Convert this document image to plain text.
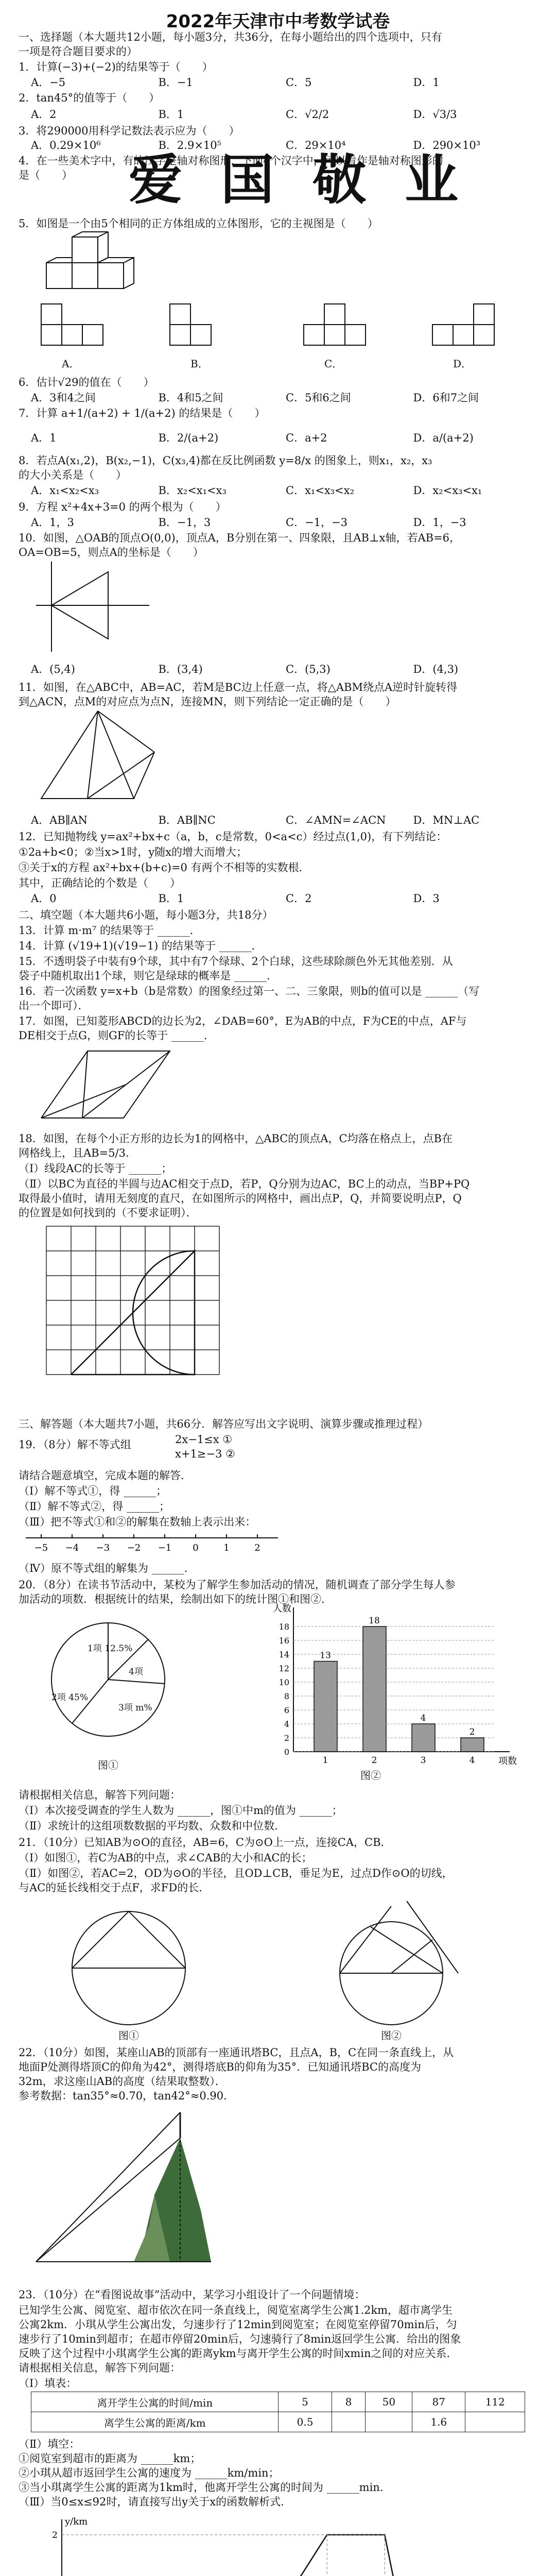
2022年天津市中考数学试卷
一、选择题（本大题共12小题，每小题3分，共36分，在每小题给出的四个选项中，只有
一项是符合题目要求的）
1．计算(−3)+(−2)的结果等于（　　）
2．tan45°的值等于（　　）
3．将290000用科学记数法表示应为（　　）
4．在一些美术字中，有的汉字是轴对称图形．下面4个汉字中，可以看作是轴对称图形的
是（　　）
5．如图是一个由5个相同的正方体组成的立体图形，它的主视图是（　　）
6．估计√29的值在（　　）
7．计算 a+1/(a+2) + 1/(a+2) 的结果是（　　）
8．若点A(x₁,2)，B(x₂,−1)，C(x₃,4)都在反比例函数 y=8/x 的图象上，则x₁，x₂，x₃
的大小关系是（　　）
9．方程 x²+4x+3=0 的两个根为（　　）
10．如图，△OAB的顶点O(0,0)，顶点A，B分别在第一、四象限，且AB⊥x轴，若AB=6，
OA=OB=5，则点A的坐标是（　　）
11．如图，在△ABC中，AB=AC，若M是BC边上任意一点，将△ABM绕点A逆时针旋转得
到△ACN，点M的对应点为点N，连接MN，则下列结论一定正确的是（　　）
12．已知抛物线 y=ax²+bx+c（a，b，c是常数，0<a<c）经过点(1,0)，有下列结论：
①2a+b<0；②当x>1时，y随x的增大而增大；
③关于x的方程 ax²+bx+(b+c)=0 有两个不相等的实数根．
其中，正确结论的个数是（　　）
二、填空题（本大题共6小题，每小题3分，共18分）
13．计算 m·m⁷ 的结果等于 ______．
14．计算 (√19+1)(√19−1) 的结果等于 ______．
15．不透明袋子中装有9个球，其中有7个绿球、2个白球，这些球除颜色外无其他差别．从
袋子中随机取出1个球，则它是绿球的概率是 ______．
16．若一次函数 y=x+b（b是常数）的图象经过第一、二、三象限，则b的值可以是 ______（写
出一个即可）．
17．如图，已知菱形ABCD的边长为2，∠DAB=60°，E为AB的中点，F为CE的中点，AF与
DE相交于点G，则GF的长等于 ______．
18．如图，在每个小正方形的边长为1的网格中，△ABC的顶点A，C均落在格点上，点B在
网格线上，且AB=5/3．
（Ⅰ）线段AC的长等于 ______；
（Ⅱ）以BC为直径的半圆与边AC相交于点D，若P，Q分别为边AC，BC上的动点，当BP+PQ
取得最小值时，请用无刻度的直尺，在如图所示的网格中，画出点P，Q，并简要说明点P，Q
的位置是如何找到的（不要求证明）．
三、解答题（本大题共7小题，共66分．解答应写出文字说明、演算步骤或推理过程）
19．（8分）解不等式组
请结合题意填空，完成本题的解答．
（Ⅰ）解不等式①，得 ______；
（Ⅱ）解不等式②，得 ______；
（Ⅲ）把不等式①和②的解集在数轴上表示出来：
（Ⅳ）原不等式组的解集为 ______．
20．（8分）在读书节活动中，某校为了解学生参加活动的情况，随机调查了部分学生每人参
加活动的项数．根据统计的结果，绘制出如下的统计图①和图②．
请根据相关信息，解答下列问题：
（Ⅰ）本次接受调查的学生人数为 ______，图①中m的值为 ______；
（Ⅱ）求统计的这组项数数据的平均数、众数和中位数．
21．（10分）已知AB为⊙O的直径，AB=6，C为⊙O上一点，连接CA，CB．
（Ⅰ）如图①，若C为AB的中点，求∠CAB的大小和AC的长；
（Ⅱ）如图②，若AC=2，OD为⊙O的半径，且OD⊥CB，垂足为E，过点D作⊙O的切线，
与AC的延长线相交于点F，求FD的长．
22．（10分）如图，某座山AB的顶部有一座通讯塔BC，且点A，B，C在同一条直线上，从
地面P处测得塔顶C的仰角为42°，测得塔底B的仰角为35°．已知通讯塔BC的高度为
32m，求这座山AB的高度（结果取整数）．
参考数据：tan35°≈0.70，tan42°≈0.90．
23．（10分）在“看图说故事”活动中，某学习小组设计了一个问题情境：
已知学生公寓、阅览室、超市依次在同一条直线上，阅览室离学生公寓1.2km，超市离学生
公寓2km．小琪从学生公寓出发，匀速步行了12min到阅览室；在阅览室停留70min后，匀
速步行了10min到超市；在超市停留20min后，匀速骑行了8min返回学生公寓．给出的图象
反映了这个过程中小琪离学生公寓的距离ykm与离开学生公寓的时间xmin之间的对应关系．
请根据相关信息，解答下列问题：
（Ⅰ）填表：
（Ⅱ）填空：
①阅览室到超市的距离为 ______km；
②小琪从超市返回学生公寓的速度为 ______km/min；
③当小琪离学生公寓的距离为1km时，他离开学生公寓的时间为 ______min．
（Ⅲ）当0≤x≤92时，请直接写出y关于x的函数解析式．
A．−5	B．−1	C．5	D．1
A．2	B．1	C．√2/2	D．√3/3
A．0.29×10⁶	B．2.9×10⁵	C．29×10⁴	D．290×10³
A．3和4之间	B．4和5之间	C．5和6之间	D．6和7之间
A．1	B．2/(a+2)	C．a+2	D．a/(a+2)
A．x₁<x₂<x₃	B．x₂<x₁<x₃	C．x₁<x₃<x₂	D．x₂<x₃<x₁
A．1，3	B．−1，3	C．−1，−3	D．1，−3
A．(5,4)	B．(3,4)	C．(5,3)	D．(4,3)
A．AB∥AN	B．AB∥NC	C．∠AMN=∠ACN	D．MN⊥AC
A．0	B．1	C．2	D．3
爱 国 敬 业
A．	B．	C．	D．
2x−1≤x ①
x+1≥−3 ②
−5 −4 −3 −2 −1 0	1	2
1项 12.5%
2项 45%
3项 m%
4项
图①
0
2
4
6
8
10
12
14
16
18
1
13
2
18
3
4
4
2
人数
项数
图②
图①	图②
离开学生公寓的时间/min	5	8	50	87	112
离学生公寓的距离/km	0.5			1.6	
2
y/km
